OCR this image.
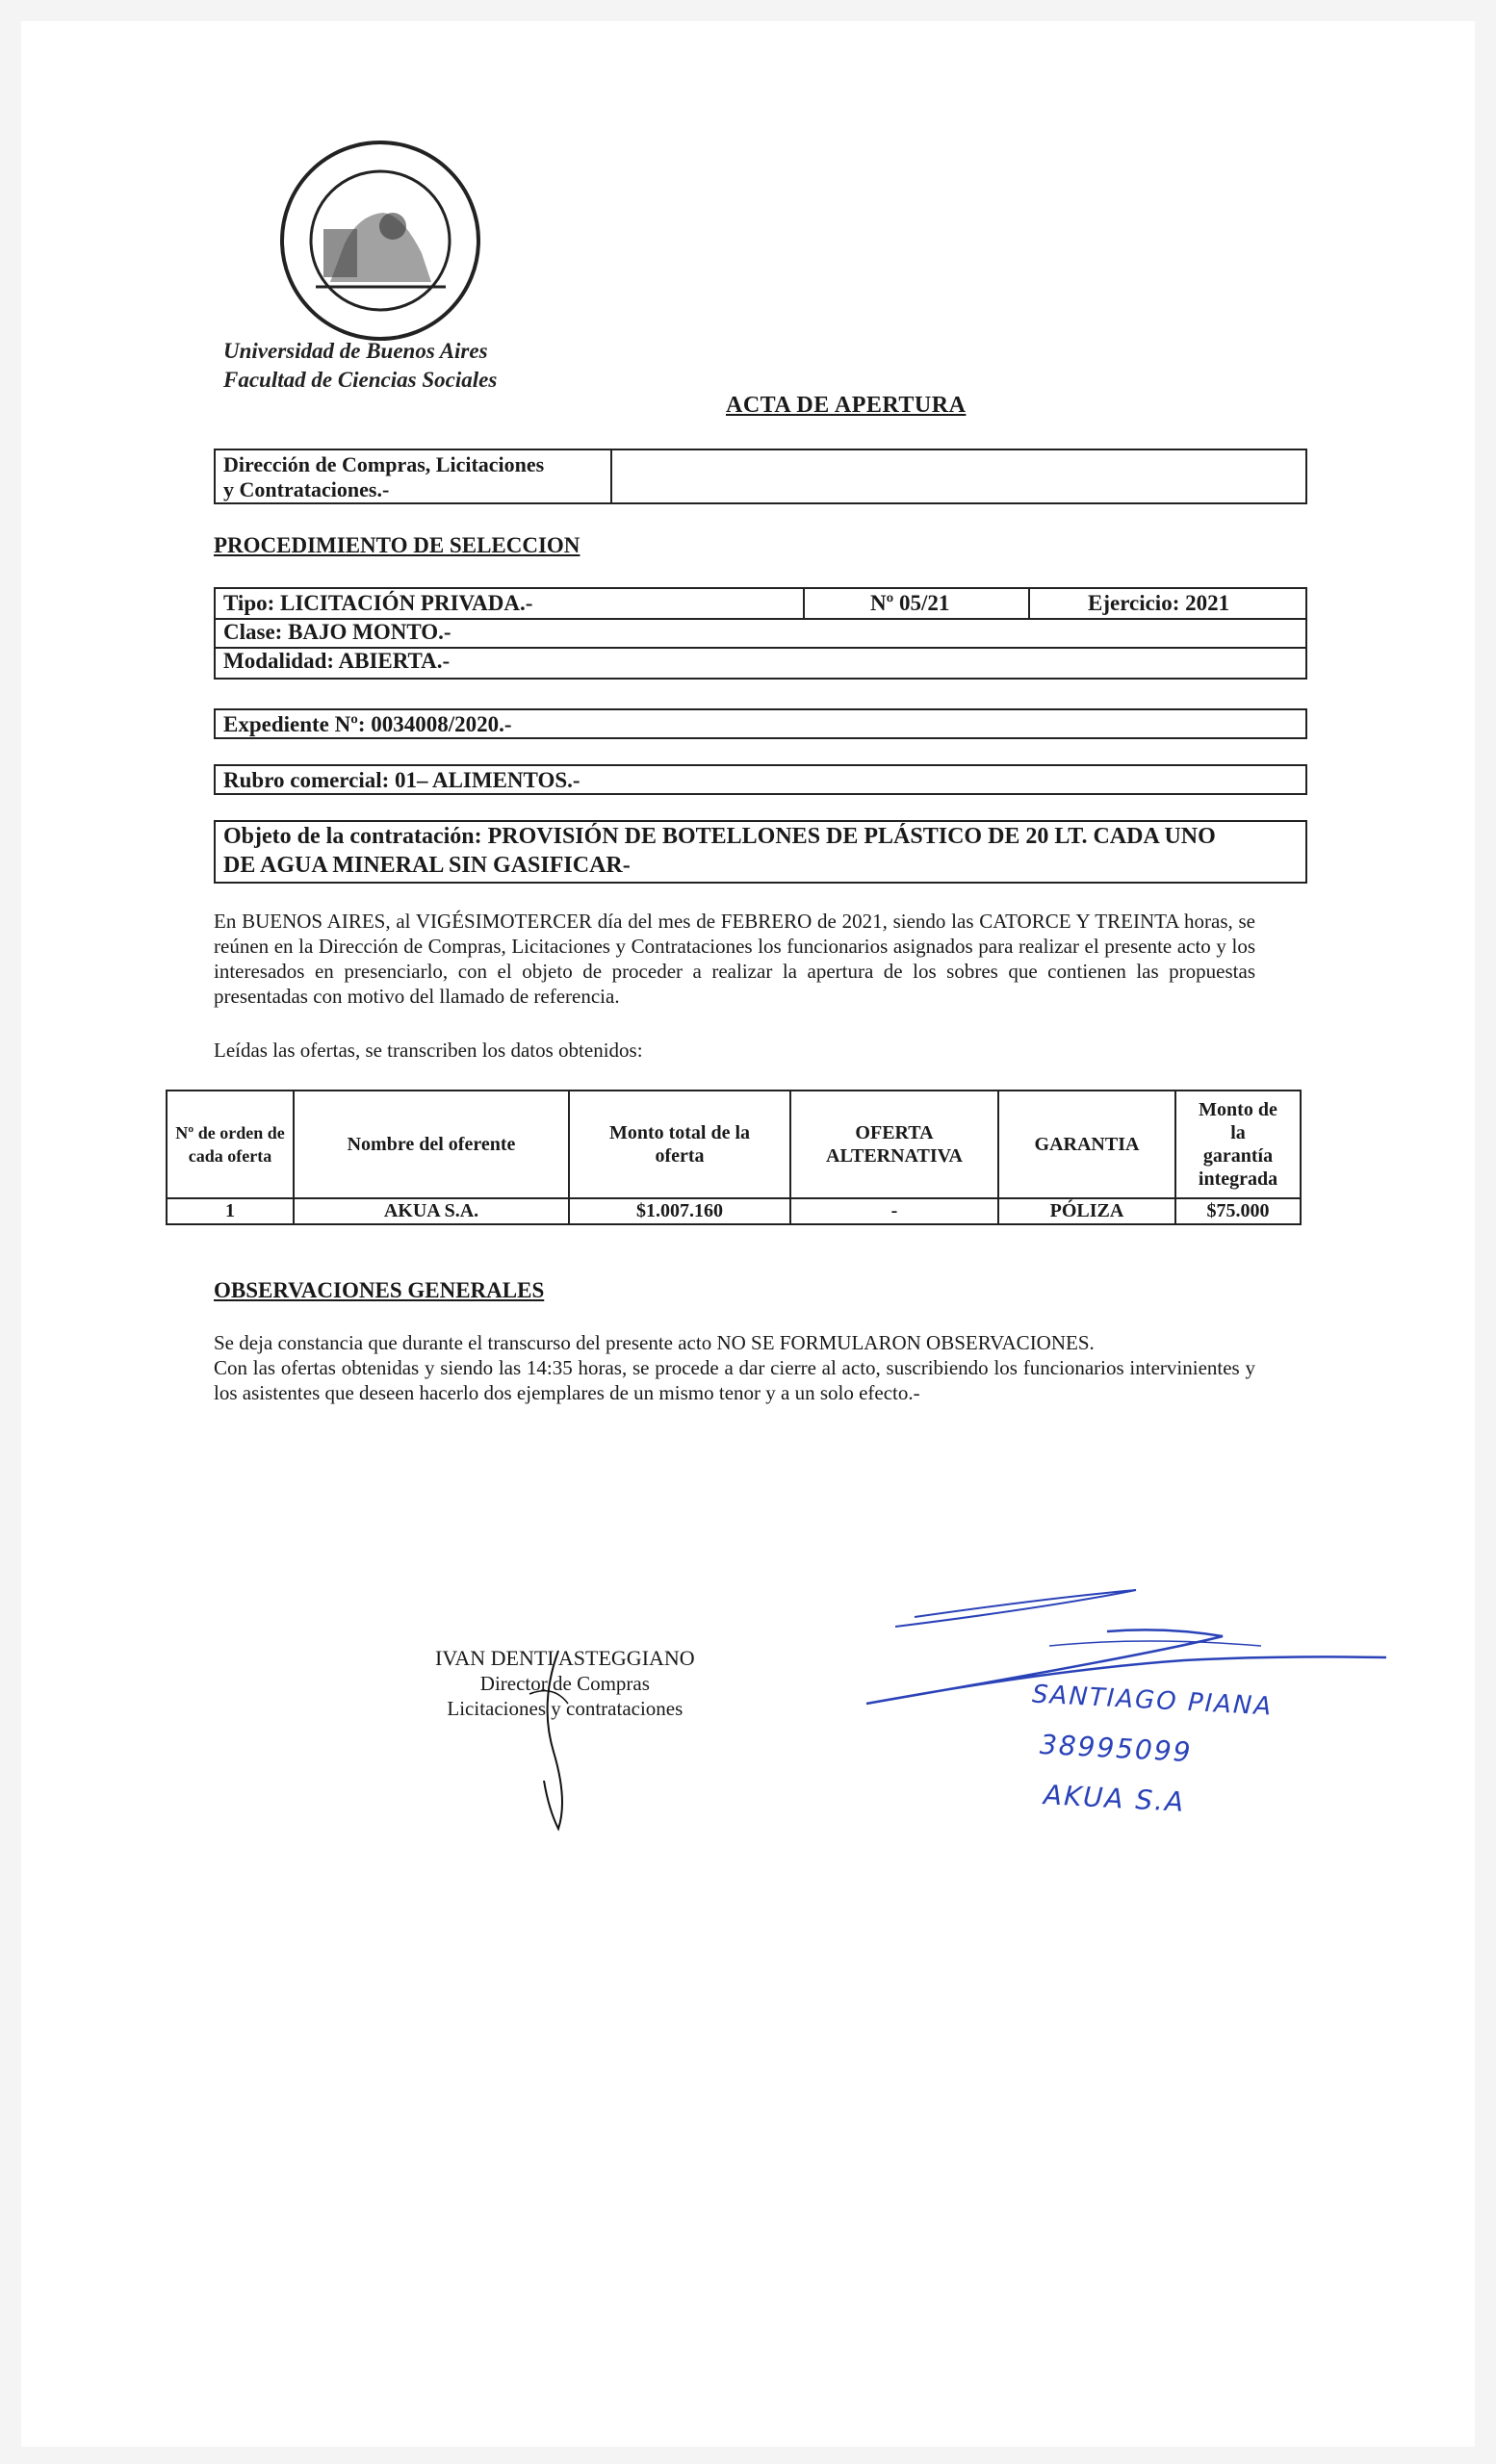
Universidad de Buenos Aires
Facultad de Ciencias Sociales
ACTA DE APERTURA
Dirección de Compras, Licitaciones
y Contrataciones.-
PROCEDIMIENTO DE SELECCION
Tipo: LICITACIÓN PRIVADA.-	Nº 05/21	Ejercicio: 2021
Clase: BAJO MONTO.-
Modalidad: ABIERTA.-
Expediente Nº: 0034008/2020.-
Rubro comercial: 01– ALIMENTOS.-
Objeto de la contratación: PROVISIÓN DE BOTELLONES DE PLÁSTICO DE 20 LT. CADA UNO
DE AGUA MINERAL SIN GASIFICAR-
En BUENOS AIRES, al VIGÉSIMOTERCER día del mes de FEBRERO de 2021, siendo las CATORCE Y TREINTA horas, se reúnen en la Dirección de Compras, Licitaciones y Contrataciones los funcionarios asignados para realizar el presente acto y los interesados en presenciarlo, con el objeto de proceder a realizar la apertura de los sobres que contienen las propuestas presentadas con motivo del llamado de referencia.
Leídas las ofertas, se transcriben los datos obtenidos:
Nº de orden de cada oferta	Nombre del oferente	Monto total de la oferta	OFERTA ALTERNATIVA	GARANTIA	Monto de la garantía integrada
1	AKUA S.A.	$1.007.160	-	PÓLIZA	$75.000
OBSERVACIONES GENERALES
Se deja constancia que durante el transcurso del presente acto NO SE FORMULARON OBSERVACIONES.
Con las ofertas obtenidas y siendo las 14:35 horas, se procede a dar cierre al acto, suscribiendo los funcionarios intervinientes y los asistentes que deseen hacerlo dos ejemplares de un mismo tenor y a un solo efecto.-
IVAN DENTI ASTEGGIANO
Director de Compras
Licitaciones y contrataciones	SANTIAGO PIANA
38995099
AKUA S.A
